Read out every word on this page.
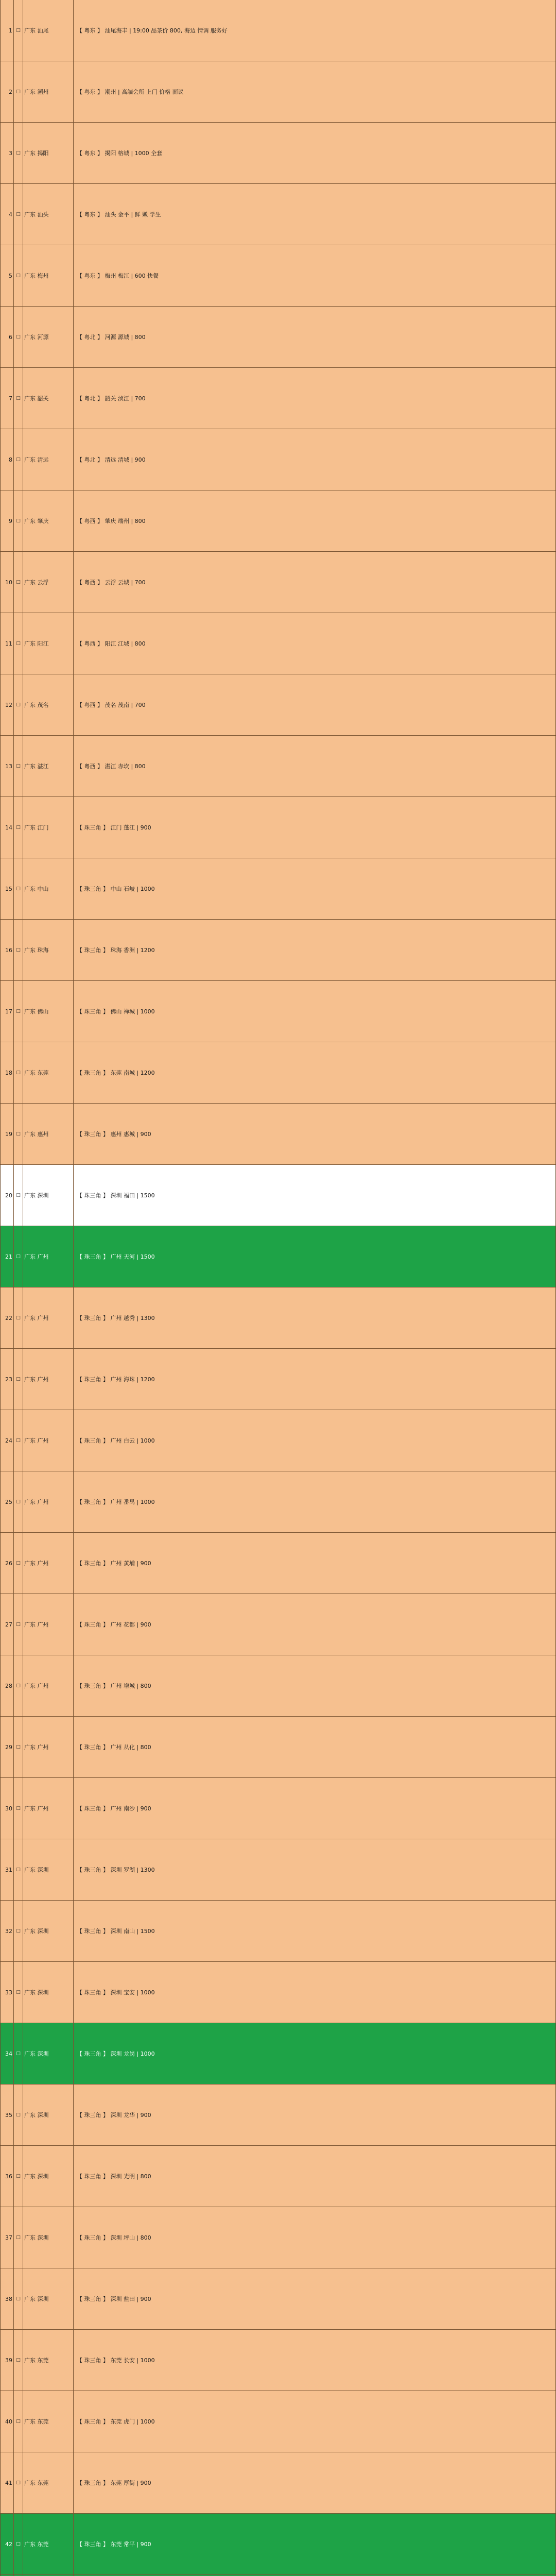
1 □ 广东 汕尾	【 粤东 】 汕尾海丰 | 19:00 品茶价 800, 海边 情调 服务好
2 □ 广东 潮州	【 粤东 】 潮州 | 高端会所 上门 价格 面议
3 □ 广东 揭阳	【 粤东 】 揭阳 榕城 | 1000 全套
4 □ 广东 汕头	【 粤东 】 汕头 金平 | 鲜 嫩 学生
5 □ 广东 梅州	【 粤东 】 梅州 梅江 | 600 快餐
6 □ 广东 河源	【 粤北 】 河源 源城 | 800
7 □ 广东 韶关	【 粤北 】 韶关 浈江 | 700
8 □ 广东 清远	【 粤北 】 清远 清城 | 900
9 □ 广东 肇庆	【 粤西 】 肇庆 端州 | 800
10 □ 广东 云浮	【 粤西 】 云浮 云城 | 700
11 □ 广东 阳江	【 粤西 】 阳江 江城 | 800
12 □ 广东 茂名	【 粤西 】 茂名 茂南 | 700
13 □ 广东 湛江	【 粤西 】 湛江 赤坎 | 800
14 □ 广东 江门	【 珠三角 】 江门 蓬江 | 900
15 □ 广东 中山	【 珠三角 】 中山 石岐 | 1000
16 □ 广东 珠海	【 珠三角 】 珠海 香洲 | 1200
17 □ 广东 佛山	【 珠三角 】 佛山 禅城 | 1000
18 □ 广东 东莞	【 珠三角 】 东莞 南城 | 1200
19 □ 广东 惠州	【 珠三角 】 惠州 惠城 | 900
20 □ 广东 深圳	【 珠三角 】 深圳 福田 | 1500
21 □ 广东 广州	【 珠三角 】 广州 天河 | 1500
22 □ 广东 广州	【 珠三角 】 广州 越秀 | 1300
23 □ 广东 广州	【 珠三角 】 广州 海珠 | 1200
24 □ 广东 广州	【 珠三角 】 广州 白云 | 1000
25 □ 广东 广州	【 珠三角 】 广州 番禺 | 1000
26 □ 广东 广州	【 珠三角 】 广州 黄埔 | 900
27 □ 广东 广州	【 珠三角 】 广州 花都 | 900
28 □ 广东 广州	【 珠三角 】 广州 增城 | 800
29 □ 广东 广州	【 珠三角 】 广州 从化 | 800
30 □ 广东 广州	【 珠三角 】 广州 南沙 | 900
31 □ 广东 深圳	【 珠三角 】 深圳 罗湖 | 1300
32 □ 广东 深圳	【 珠三角 】 深圳 南山 | 1500
33 □ 广东 深圳	【 珠三角 】 深圳 宝安 | 1000
34 □ 广东 深圳	【 珠三角 】 深圳 龙岗 | 1000
35 □ 广东 深圳	【 珠三角 】 深圳 龙华 | 900
36 □ 广东 深圳	【 珠三角 】 深圳 光明 | 800
37 □ 广东 深圳	【 珠三角 】 深圳 坪山 | 800
38 □ 广东 深圳	【 珠三角 】 深圳 盐田 | 900
39 □ 广东 东莞	【 珠三角 】 东莞 长安 | 1000
40 □ 广东 东莞	【 珠三角 】 东莞 虎门 | 1000
41 □ 广东 东莞	【 珠三角 】 东莞 厚街 | 900
42 □ 广东 东莞	【 珠三角 】 东莞 常平 | 900
